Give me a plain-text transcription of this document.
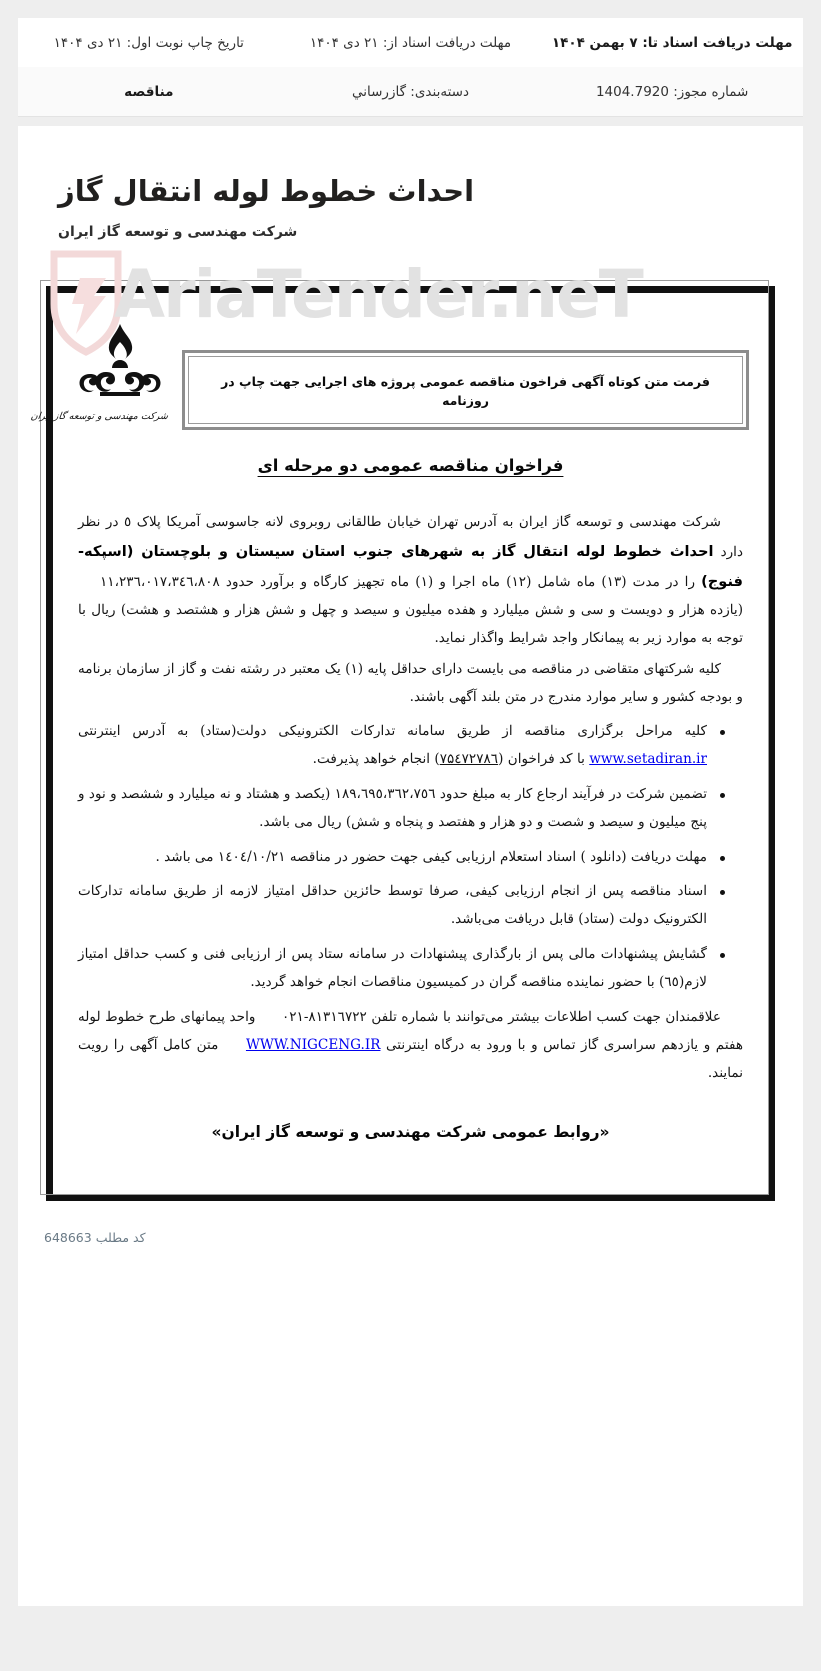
مهلت دریافت اسناد تا: ۷ بهمن ۱۴۰۴
مهلت دریافت اسناد از: ۲۱ دی ۱۴۰۴
تاریخ چاپ نوبت اول: ۲۱ دی ۱۴۰۴
شماره مجوز: 1404.7920
دسته‌بندی: گازرساني
مناقصه
احداث خطوط لوله انتقال گاز
شرکت مهندسی و توسعه گاز ایران
AriaTender.neT
شرکت مهندسی و توسعه گاز ایران
فرمت متن کوتاه آگهی فراخون مناقصه عمومی پروژه های اجرایی جهت چاپ در روزنامه
فراخوان مناقصه عمومی دو مرحله ای

شرکت مهندسی و توسعه گاز ایران به آدرس تهران خیابان طالقانی روبروی لانه جاسوسی آمریکا پلاک ٥ در نظر دارد احداث خطوط لوله انتقال گاز به شهرهای جنوب استان سیستان و بلوچستان (اسپکه-فنوج) را در مدت (۱۳) ماه شامل (۱۲) ماه اجرا و (۱) ماه تجهیز کارگاه و برآورد حدود ۱۱،۲۳٦،۰۱۷،۳٤٦،۸۰۸ (یازده هزار و دویست و سی و شش میلیارد و هفده میلیون و سیصد و چهل و شش هزار و هشتصد و هشت) ریال با توجه به موارد زیر به پیمانکار واجد شرایط واگذار نماید.

کلیه شرکتهای متقاضی در مناقصه می بایست دارای حداقل پایه (۱) یک معتبر در رشته نفت و گاز از سازمان برنامه و بودجه کشور و سایر موارد مندرج در متن بلند آگهی باشند.

کلیه مراحل برگزاری مناقصه از طریق سامانه تدارکات الکترونیکی دولت(ستاد) به آدرس اینترنتی www.setadiran.ir با کد فراخوان (۷۵٤۷۲۷۸٦) انجام خواهد پذیرفت.
تضمین شرکت در فرآیند ارجاع کار به مبلغ حدود ۱۸۹،٦۹٥،۳٦۲،۷٥٦ (یکصد و هشتاد و نه میلیارد و ششصد و نود و پنج میلیون و سیصد و شصت و دو هزار و هفتصد و پنجاه و شش) ریال می باشد.
مهلت دریافت (دانلود ) اسناد استعلام ارزیابی کیفی جهت حضور در مناقصه ۱٤۰٤/۱۰/۲۱ می باشد .
اسناد مناقصه پس از انجام ارزیابی کیفی، صرفا توسط حائزین حداقل امتیاز لازمه از طریق سامانه تدارکات الکترونیک دولت (ستاد) قابل دریافت می‌باشد.
گشایش پیشنهادات مالی پس از بارگذاری پیشنهادات در سامانه ستاد پس از ارزیابی فنی و کسب حداقل امتیاز لازم(٦٥) با حضور نماینده مناقصه گران در کمیسیون مناقصات انجام خواهد گردید.

علاقمندان جهت کسب اطلاعات بیشتر می‌توانند با شماره تلفن ۰۲۱-۸۱۳۱٦۷۲۲ واحد پیمانهای طرح خطوط لوله هفتم و یازدهم سراسری گاز تماس و با ورود به درگاه اینترنتی WWW.NIGCENG.IR متن کامل آگهی را رویت نمایند.

«روابط عمومی شرکت مهندسی و توسعه گاز ایران»
کد مطلب 648663
